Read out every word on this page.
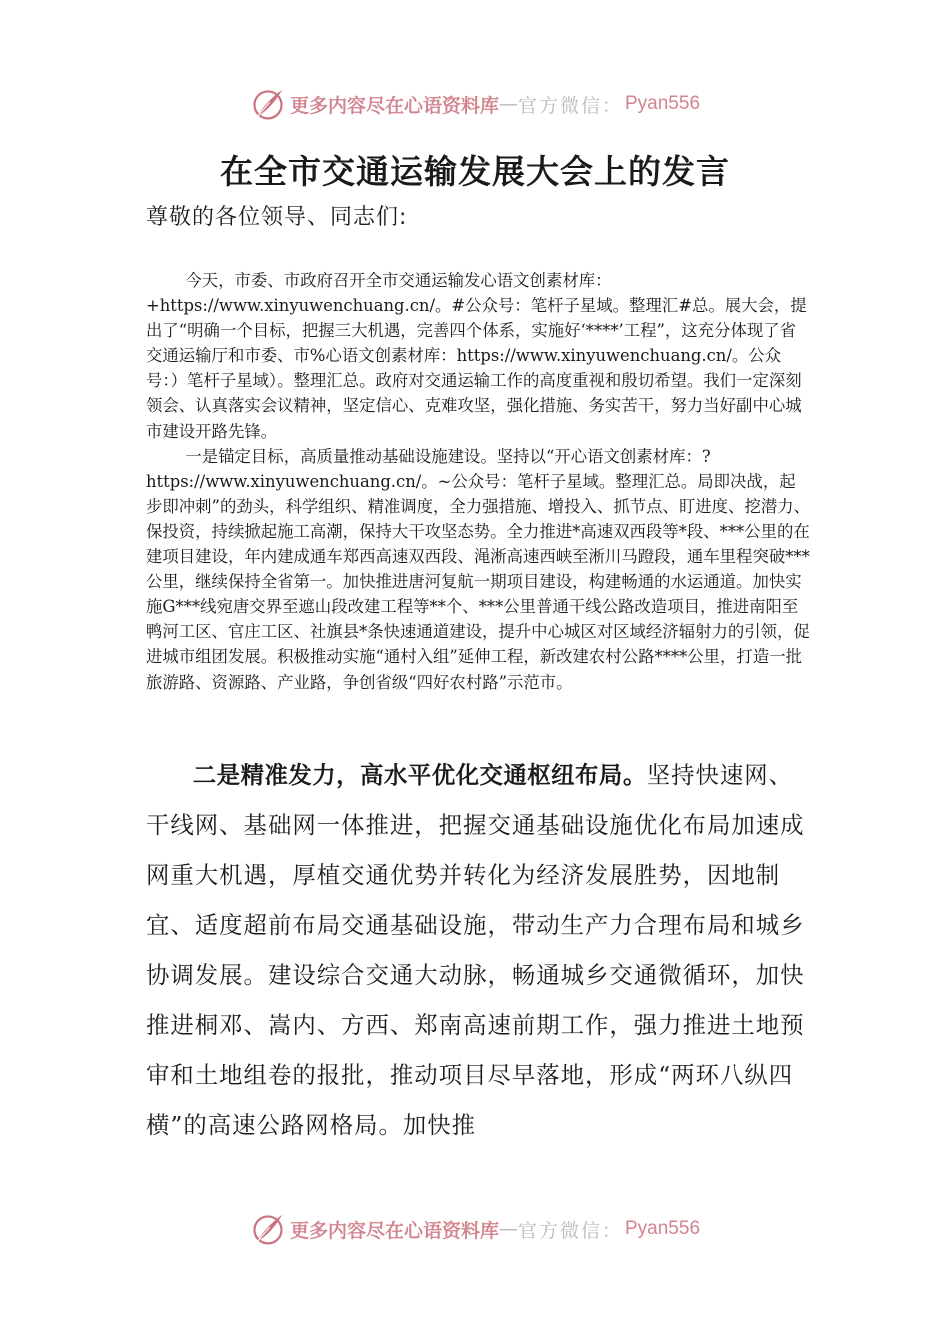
更多内容尽在心语资料库 — 官方微信： Pyan556
在全市交通运输发展大会上的发言
尊敬的各位领导、同志们:

今天，市委、市政府召开全市交通运输发心语文创素材库：+https://www.xinyuwenchuang.cn/。#公众号：笔杆子星域。整理汇#总。展大会，提出了“明确一个目标，把握三大机遇，完善四个体系，实施好‘****’工程”，这充分体现了省交通运输厅和市委、市%心语文创素材库：https://www.xinyuwenchuang.cn/。公众号：）笔杆子星域）。整理汇总。政府对交通运输工作的高度重视和殷切希望。我们一定深刻领会、认真落实会议精神，坚定信心、克难攻坚，强化措施、务实苦干，努力当好副中心城市建设开路先锋。

一是锚定目标，高质量推动基础设施建设。坚持以“开心语文创素材库：?https://www.xinyuwenchuang.cn/。~公众号：笔杆子星域。整理汇总。局即决战，起步即冲刺”的劲头，科学组织、精准调度，全力强措施、增投入、抓节点、盯进度、挖潜力、保投资，持续掀起施工高潮，保持大干攻坚态势。全力推进*高速双西段等*段、***公里的在建项目建设，年内建成通车郑西高速双西段、渑淅高速西峡至淅川马蹬段，通车里程突破***公里，继续保持全省第一。加快推进唐河复航一期项目建设，构建畅通的水运通道。加快实施G***线宛唐交界至遮山段改建工程等**个、***公里普通干线公路改造项目，推进南阳至鸭河工区、官庄工区、社旗县*条快速通道建设，提升中心城区对区域经济辐射力的引领，促进城市组团发展。积极推动实施“通村入组”延伸工程，新改建农村公路****公里，打造一批旅游路、资源路、产业路，争创省级“四好农村路”示范市。

二是精准发力，高水平优化交通枢纽布局。坚持快速网、干线网、基础网一体推进，把握交通基础设施优化布局加速成网重大机遇，厚植交通优势并转化为经济发展胜势，因地制宜、适度超前布局交通基础设施，带动生产力合理布局和城乡协调发展。建设综合交通大动脉，畅通城乡交通微循环，加快推进桐邓、嵩内、方西、郑南高速前期工作，强力推进土地预审和土地组卷的报批，推动项目尽早落地，形成“两环八纵四横”的高速公路网格局。加快推

更多内容尽在心语资料库 — 官方微信： Pyan556
